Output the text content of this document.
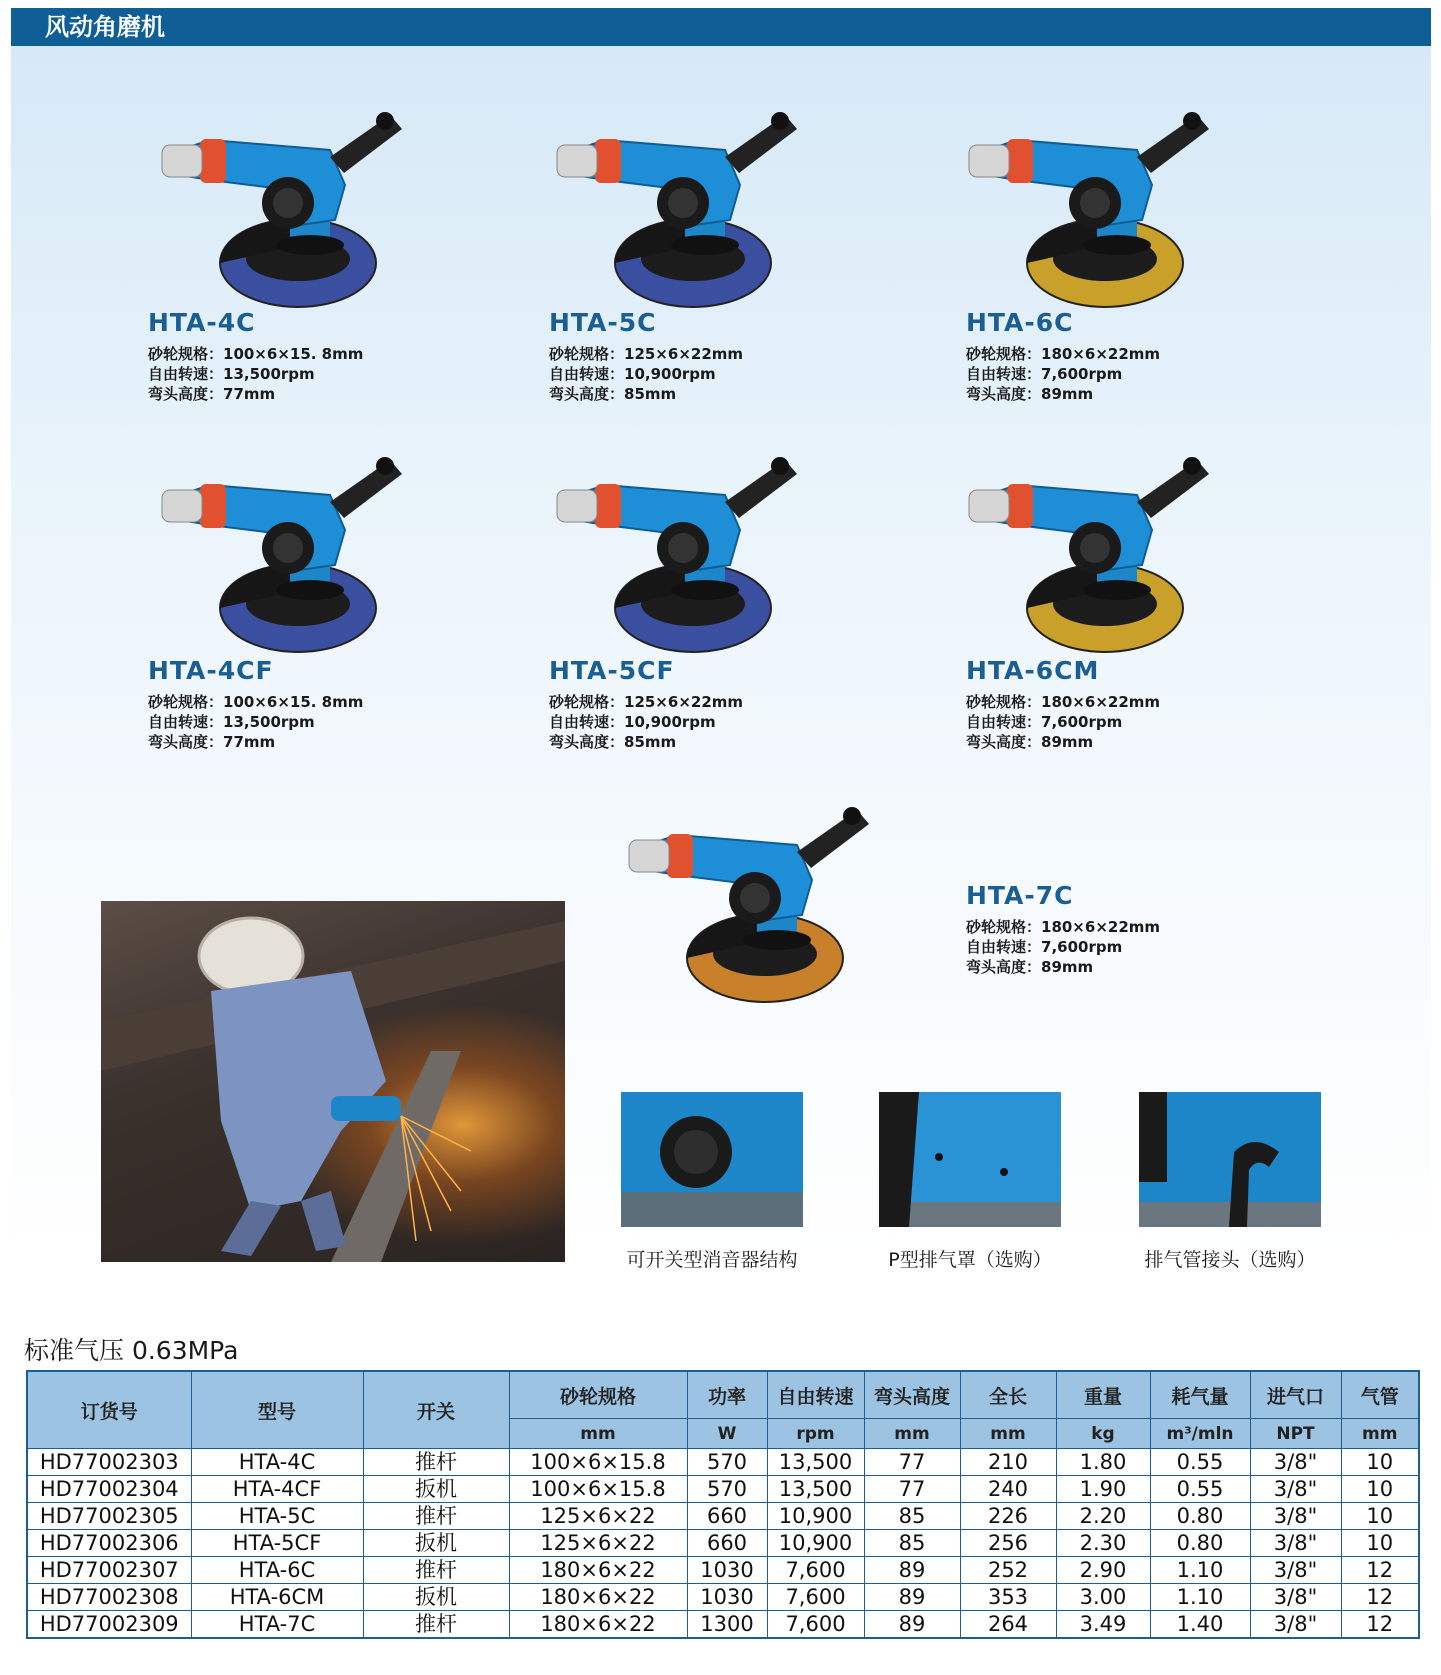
风动角磨机
HTA-4C
砂轮规格：100×6×15. 8mm
自由转速：13,500rpm
弯头高度：77mm
HTA-5C
砂轮规格：125×6×22mm
自由转速：10,900rpm
弯头高度：85mm
HTA-6C
砂轮规格：180×6×22mm
自由转速：7,600rpm
弯头高度：89mm
HTA-4CF
砂轮规格：100×6×15. 8mm
自由转速：13,500rpm
弯头高度：77mm
HTA-5CF
砂轮规格：125×6×22mm
自由转速：10,900rpm
弯头高度：85mm
HTA-6CM
砂轮规格：180×6×22mm
自由转速：7,600rpm
弯头高度：89mm
HTA-7C
砂轮规格：180×6×22mm
自由转速：7,600rpm
弯头高度：89mm
可开关型消音器结构	P型排气罩（选购）	排气管接头（选购）
标准气压 0.63MPa
订货号	型号	开关	砂轮规格	功率	自由转速	弯头高度	全长	重量	耗气量	进气口	气管
			mm	W	rpm	mm	mm	kg	m³/mln	NPT	mm
HD77002303	HTA-4C	推杆	100×6×15.8	570	13,500	77	210	1.80	0.55	3/8"	10
HD77002304	HTA-4CF	扳机	100×6×15.8	570	13,500	77	240	1.90	0.55	3/8"	10
HD77002305	HTA-5C	推杆	125×6×22	660	10,900	85	226	2.20	0.80	3/8"	10
HD77002306	HTA-5CF	扳机	125×6×22	660	10,900	85	256	2.30	0.80	3/8"	10
HD77002307	HTA-6C	推杆	180×6×22	1030	7,600	89	252	2.90	1.10	3/8"	12
HD77002308	HTA-6CM	扳机	180×6×22	1030	7,600	89	353	3.00	1.10	3/8"	12
HD77002309	HTA-7C	推杆	180×6×22	1300	7,600	89	264	3.49	1.40	3/8"	12
